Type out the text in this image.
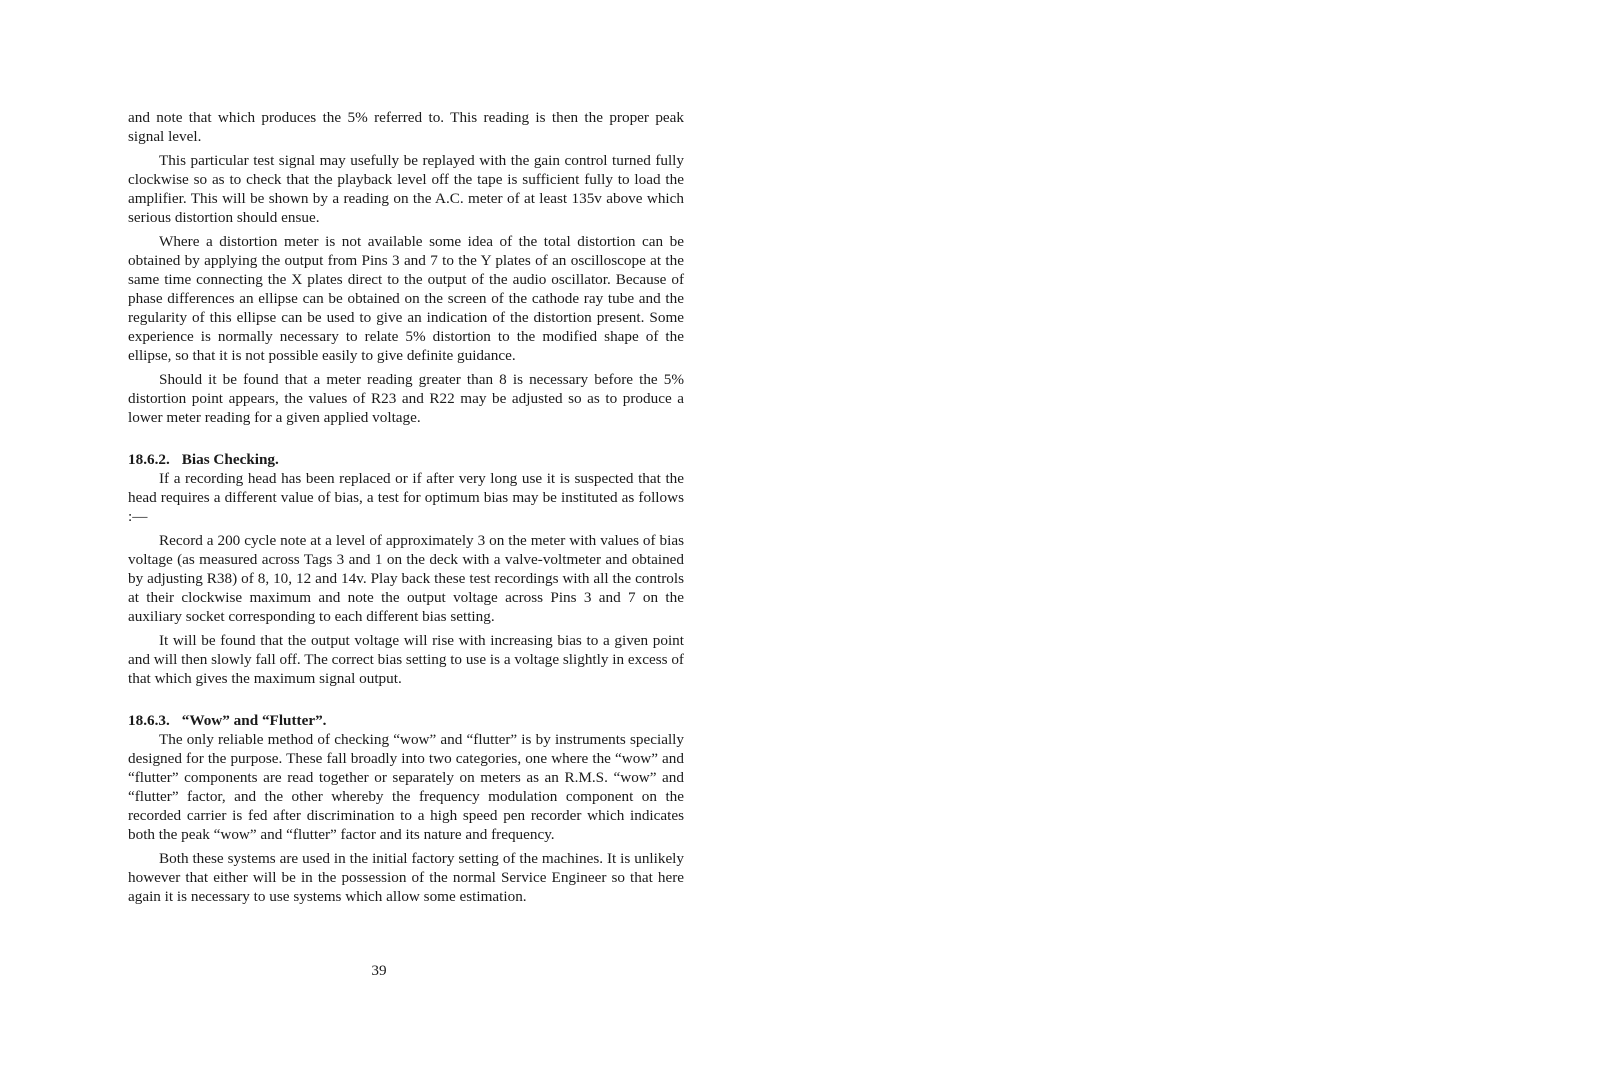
and note that which produces the 5% referred to. This reading is then the proper peak signal level.

This particular test signal may usefully be replayed with the gain control turned fully clockwise so as to check that the playback level off the tape is sufficient fully to load the amplifier. This will be shown by a reading on the A.C. meter of at least 135v above which serious distortion should ensue.

Where a distortion meter is not available some idea of the total distortion can be obtained by applying the output from Pins 3 and 7 to the Y plates of an oscilloscope at the same time connecting the X plates direct to the output of the audio oscillator. Because of phase differences an ellipse can be obtained on the screen of the cathode ray tube and the regularity of this ellipse can be used to give an indication of the distortion present. Some experience is normally necessary to relate 5% distortion to the modified shape of the ellipse, so that it is not possible easily to give definite guidance.

Should it be found that a meter reading greater than 8 is necessary before the 5% distortion point appears, the values of R23 and R22 may be adjusted so as to produce a lower meter reading for a given applied voltage.

18.6.2. Bias Checking.

If a recording head has been replaced or if after very long use it is suspected that the head requires a different value of bias, a test for optimum bias may be instituted as follows :—

Record a 200 cycle note at a level of approximately 3 on the meter with values of bias voltage (as measured across Tags 3 and 1 on the deck with a valve-voltmeter and obtained by adjusting R38) of 8, 10, 12 and 14v. Play back these test recordings with all the controls at their clockwise maximum and note the output voltage across Pins 3 and 7 on the auxiliary socket corresponding to each different bias setting.

It will be found that the output voltage will rise with increasing bias to a given point and will then slowly fall off. The correct bias setting to use is a voltage slightly in excess of that which gives the maximum signal output.

18.6.3. “Wow” and “Flutter”.

The only reliable method of checking “wow” and “flutter” is by instruments specially designed for the purpose. These fall broadly into two categories, one where the “wow” and “flutter” components are read together or separately on meters as an R.M.S. “wow” and “flutter” factor, and the other whereby the frequency modulation component on the recorded carrier is fed after discrimination to a high speed pen recorder which indicates both the peak “wow” and “flutter” factor and its nature and frequency.

Both these systems are used in the initial factory setting of the machines. It is unlikely however that either will be in the possession of the normal Service Engineer so that here again it is necessary to use systems which allow some estimation.

39
